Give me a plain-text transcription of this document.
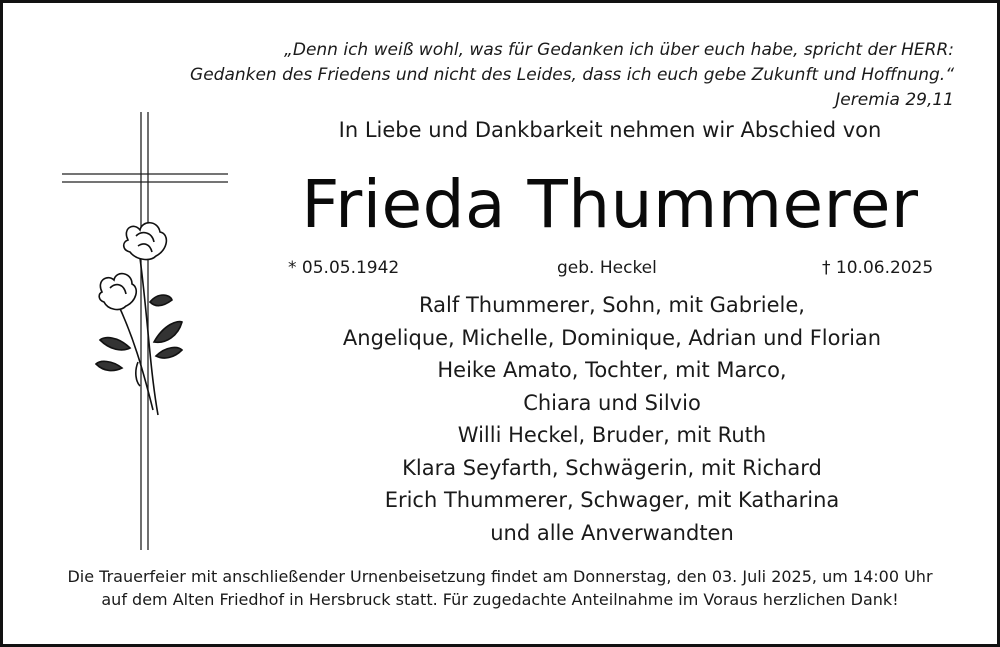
„Denn ich weiß wohl, was für Gedanken ich über euch habe, spricht der HERR:
Gedanken des Friedens und nicht des Leides, dass ich euch gebe Zukunft und Hoffnung.“
Jeremia 29,11
In Liebe und Dankbarkeit nehmen wir Abschied von
Frieda Thummerer
* 05.05.1942	geb. Heckel	† 10.06.2025
Ralf Thummerer, Sohn, mit Gabriele,
Angelique, Michelle, Dominique, Adrian und Florian
Heike Amato, Tochter, mit Marco,
Chiara und Silvio
Willi Heckel, Bruder, mit Ruth
Klara Seyfarth, Schwägerin, mit Richard
Erich Thummerer, Schwager, mit Katharina
und alle Anverwandten
Die Trauerfeier mit anschließender Urnenbeisetzung findet am Donnerstag, den 03. Juli 2025, um 14:00 Uhr
auf dem Alten Friedhof in Hersbruck statt. Für zugedachte Anteilnahme im Voraus herzlichen Dank!
